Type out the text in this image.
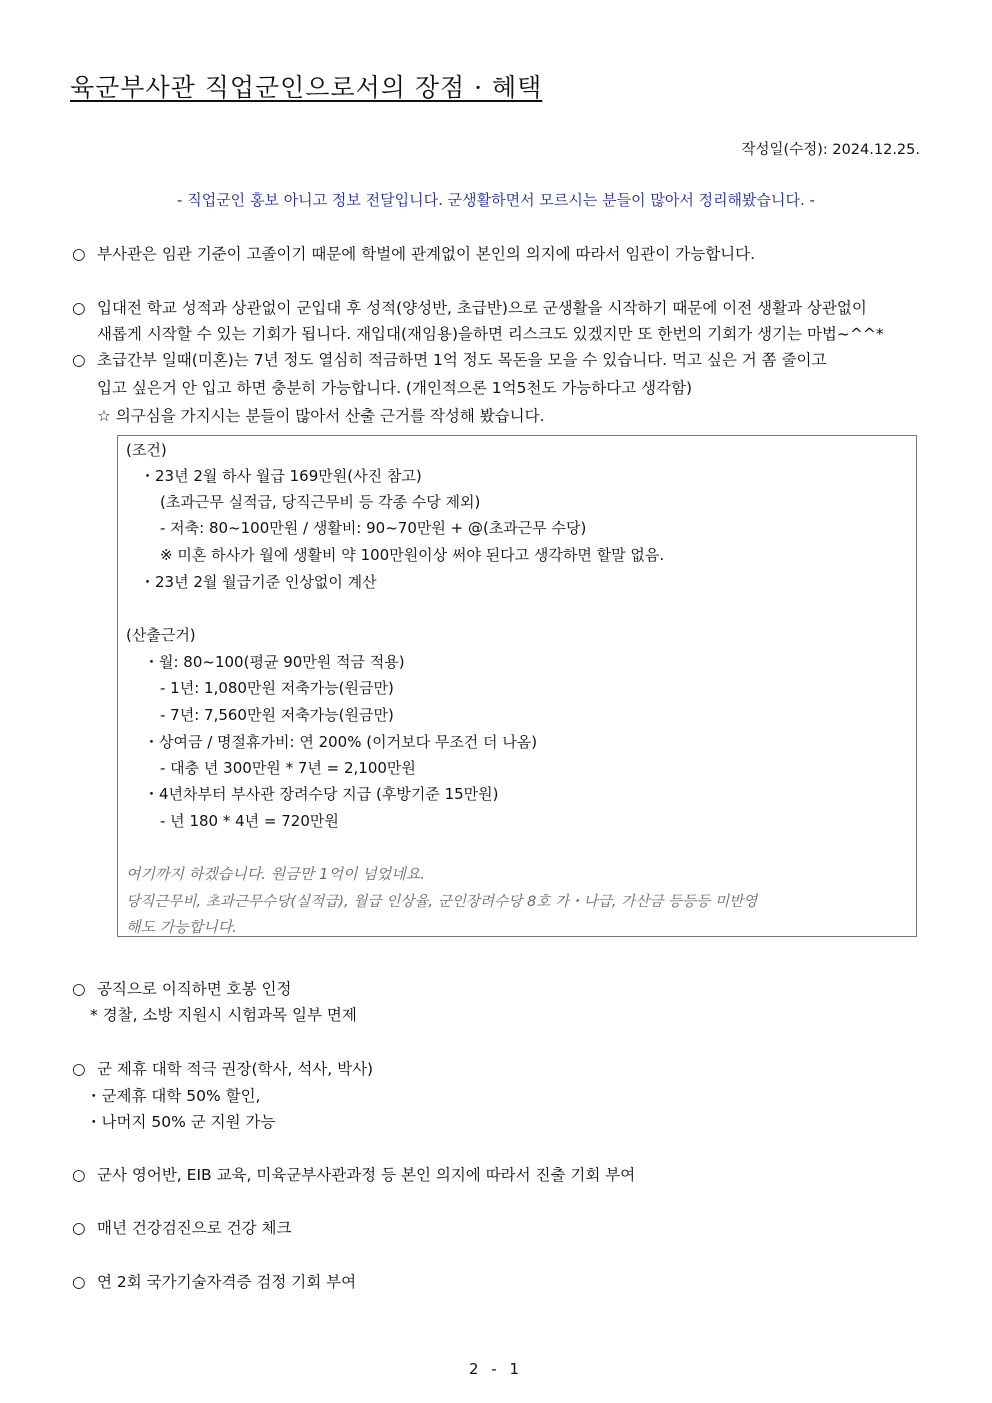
육군부사관 직업군인으로서의 장점 · 혜택
작성일(수정): 2024.12.25.
- 직업군인 홍보 아니고 정보 전달입니다. 군생활하면서 모르시는 분들이 많아서 정리해봤습니다. -
○ 부사관은 임관 기준이 고졸이기 때문에 학벌에 관계없이 본인의 의지에 따라서 임관이 가능합니다.
○ 입대전 학교 성적과 상관없이 군입대 후 성적(양성반, 초급반)으로 군생활을 시작하기 때문에 이전 생활과 상관없이
새롭게 시작할 수 있는 기회가 됩니다. 재입대(재임용)을하면 리스크도 있겠지만 또 한번의 기회가 생기는 마법~^^*
○ 초급간부 일때(미혼)는 7년 정도 열심히 적금하면 1억 정도 목돈을 모을 수 있습니다. 먹고 싶은 거 쫌 줄이고
입고 싶은거 안 입고 하면 충분히 가능합니다. (개인적으론 1억5천도 가능하다고 생각함)
☆ 의구심을 가지시는 분들이 많아서 산출 근거를 작성해 봤습니다.
(조건)
・23년 2월 하사 월급 169만원(사진 참고)
(초과근무 실적급, 당직근무비 등 각종 수당 제외)
- 저축: 80~100만원 / 생활비: 90~70만원 + @(초과근무 수당)
※ 미혼 하사가 월에 생활비 약 100만원이상 써야 된다고 생각하면 할말 없음.
・23년 2월 월급기준 인상없이 계산
(산출근거)
・월: 80~100(평균 90만원 적금 적용)
- 1년: 1,080만원 저축가능(원금만)
- 7년: 7,560만원 저축가능(원금만)
・상여금 / 명절휴가비: 연 200% (이거보다 무조건 더 나옴)
- 대충 년 300만원 * 7년 = 2,100만원
・4년차부터 부사관 장려수당 지급 (후방기준 15만원)
- 년 180 * 4년 = 720만원
여기까지 하겠습니다. 원금만 1억이 넘었네요.
당직근무비, 초과근무수당(실적급), 월급 인상율, 군인장려수당 8호 가・나급, 가산금 등등등 미반영
해도 가능합니다.
○ 공직으로 이직하면 호봉 인정
* 경찰, 소방 지원시 시험과목 일부 면제
○ 군 제휴 대학 적극 권장(학사, 석사, 박사)
・군제휴 대학 50% 할인,
・나머지 50% 군 지원 가능
○ 군사 영어반, EIB 교육, 미육군부사관과정 등 본인 의지에 따라서 진출 기회 부여
○ 매년 건강검진으로 건강 체크
○ 연 2회 국가기술자격증 검정 기회 부여
2 - 1
